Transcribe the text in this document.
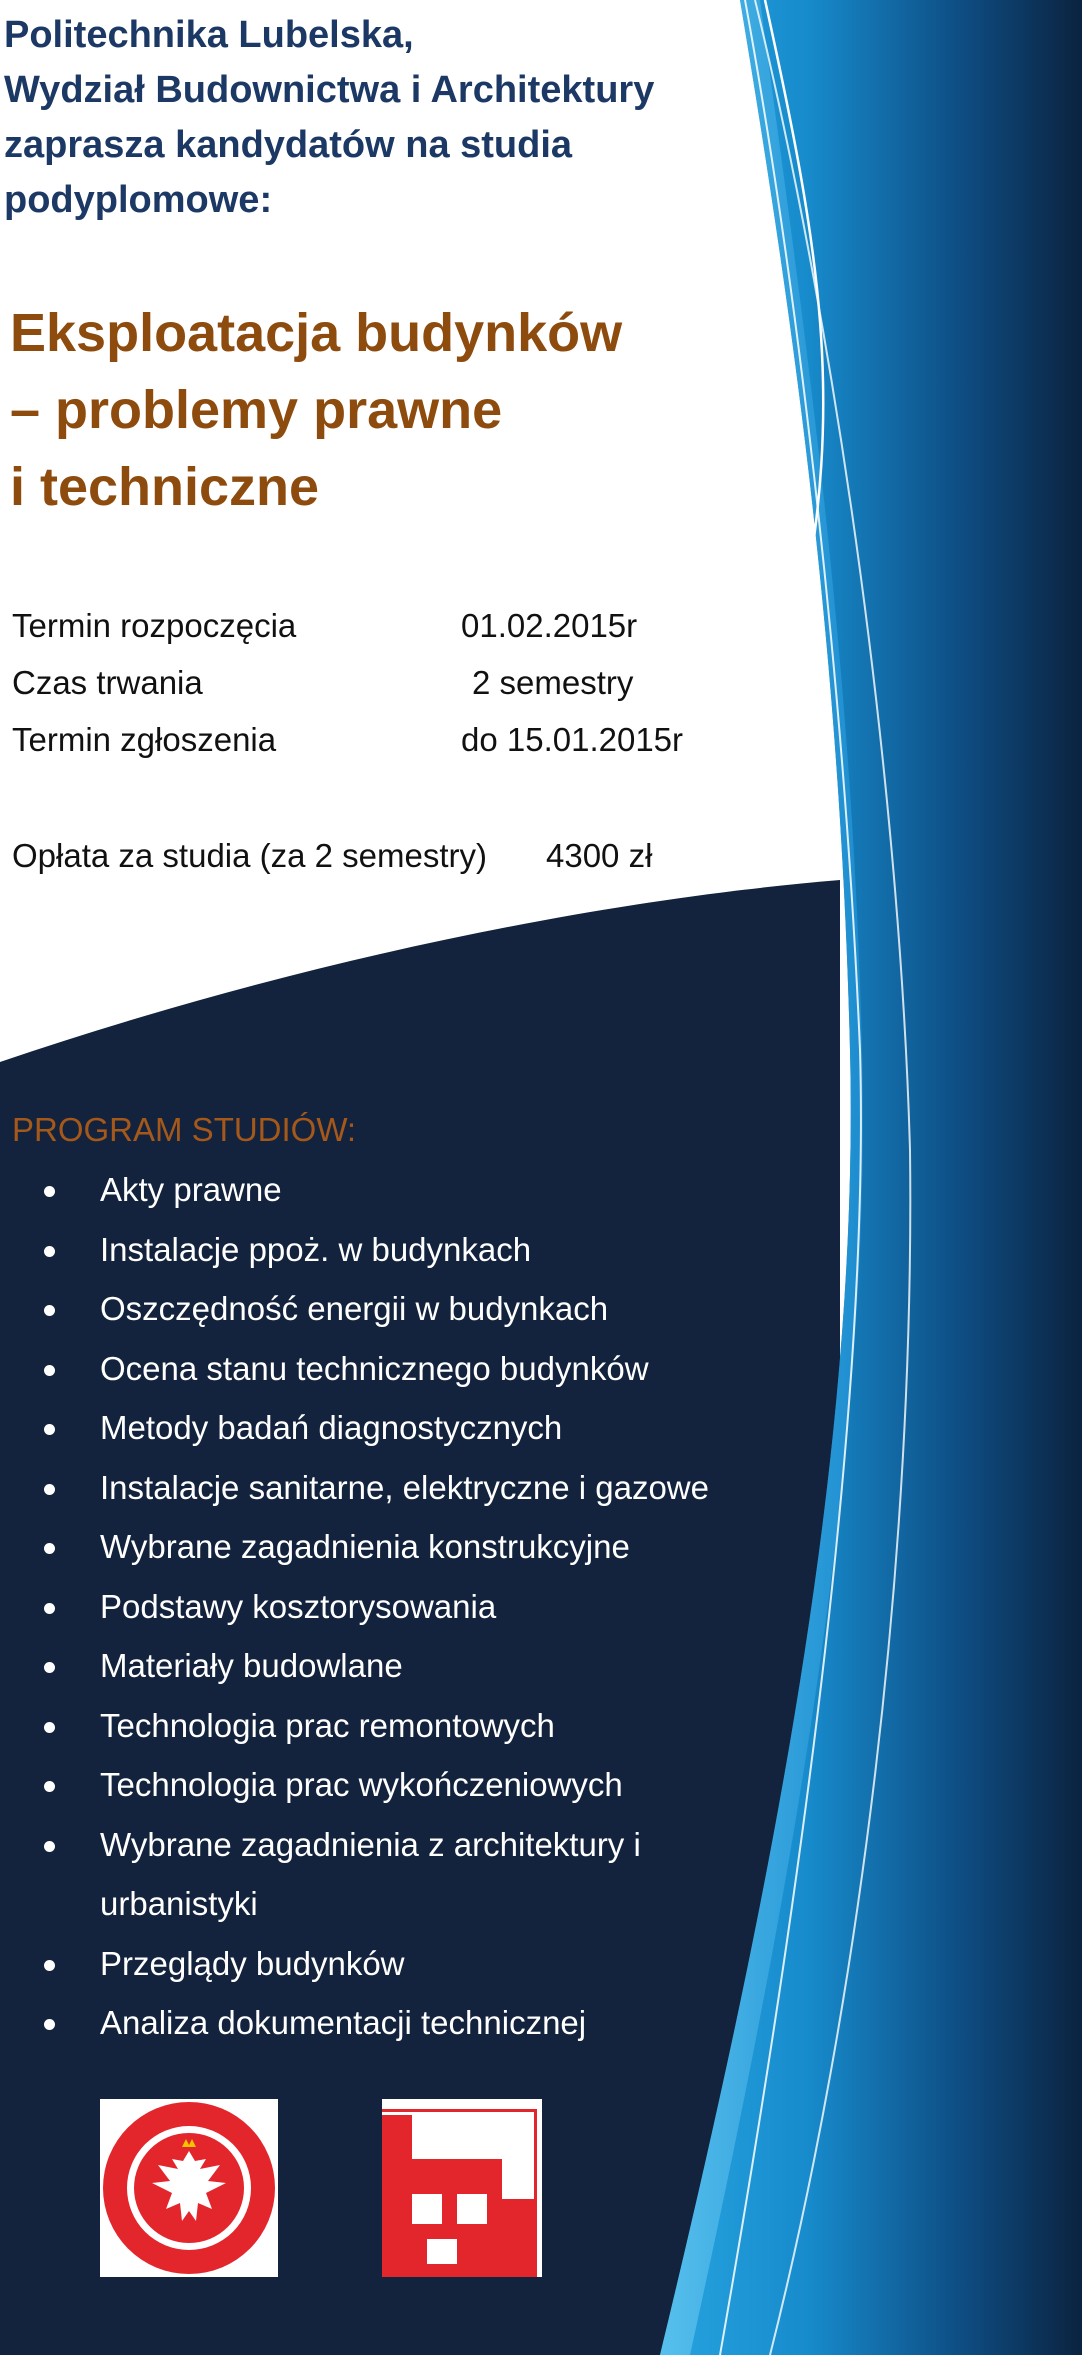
Politechnika Lubelska,
Wydział Budownictwa i Architektury
zaprasza kandydatów na studia
podyplomowe:
Eksploatacja budynków
– problemy prawne
i techniczne
Termin rozpoczęcia	01.02.2015r
Czas trwania	2 semestry
Termin zgłoszenia	do 15.01.2015r
Opłata za studia (za 2 semestry) 4300 zł
PROGRAM STUDIÓW:
Akty prawne
Instalacje ppoż. w budynkach
Oszczędność energii w budynkach
Ocena stanu technicznego budynków
Metody badań diagnostycznych
Instalacje sanitarne, elektryczne i gazowe
Wybrane zagadnienia konstrukcyjne
Podstawy kosztorysowania
Materiały budowlane
Technologia prac remontowych
Technologia prac wykończeniowych
Wybrane zagadnienia z architektury i urbanistyki
Przeglądy budynków
Analiza dokumentacji technicznej
